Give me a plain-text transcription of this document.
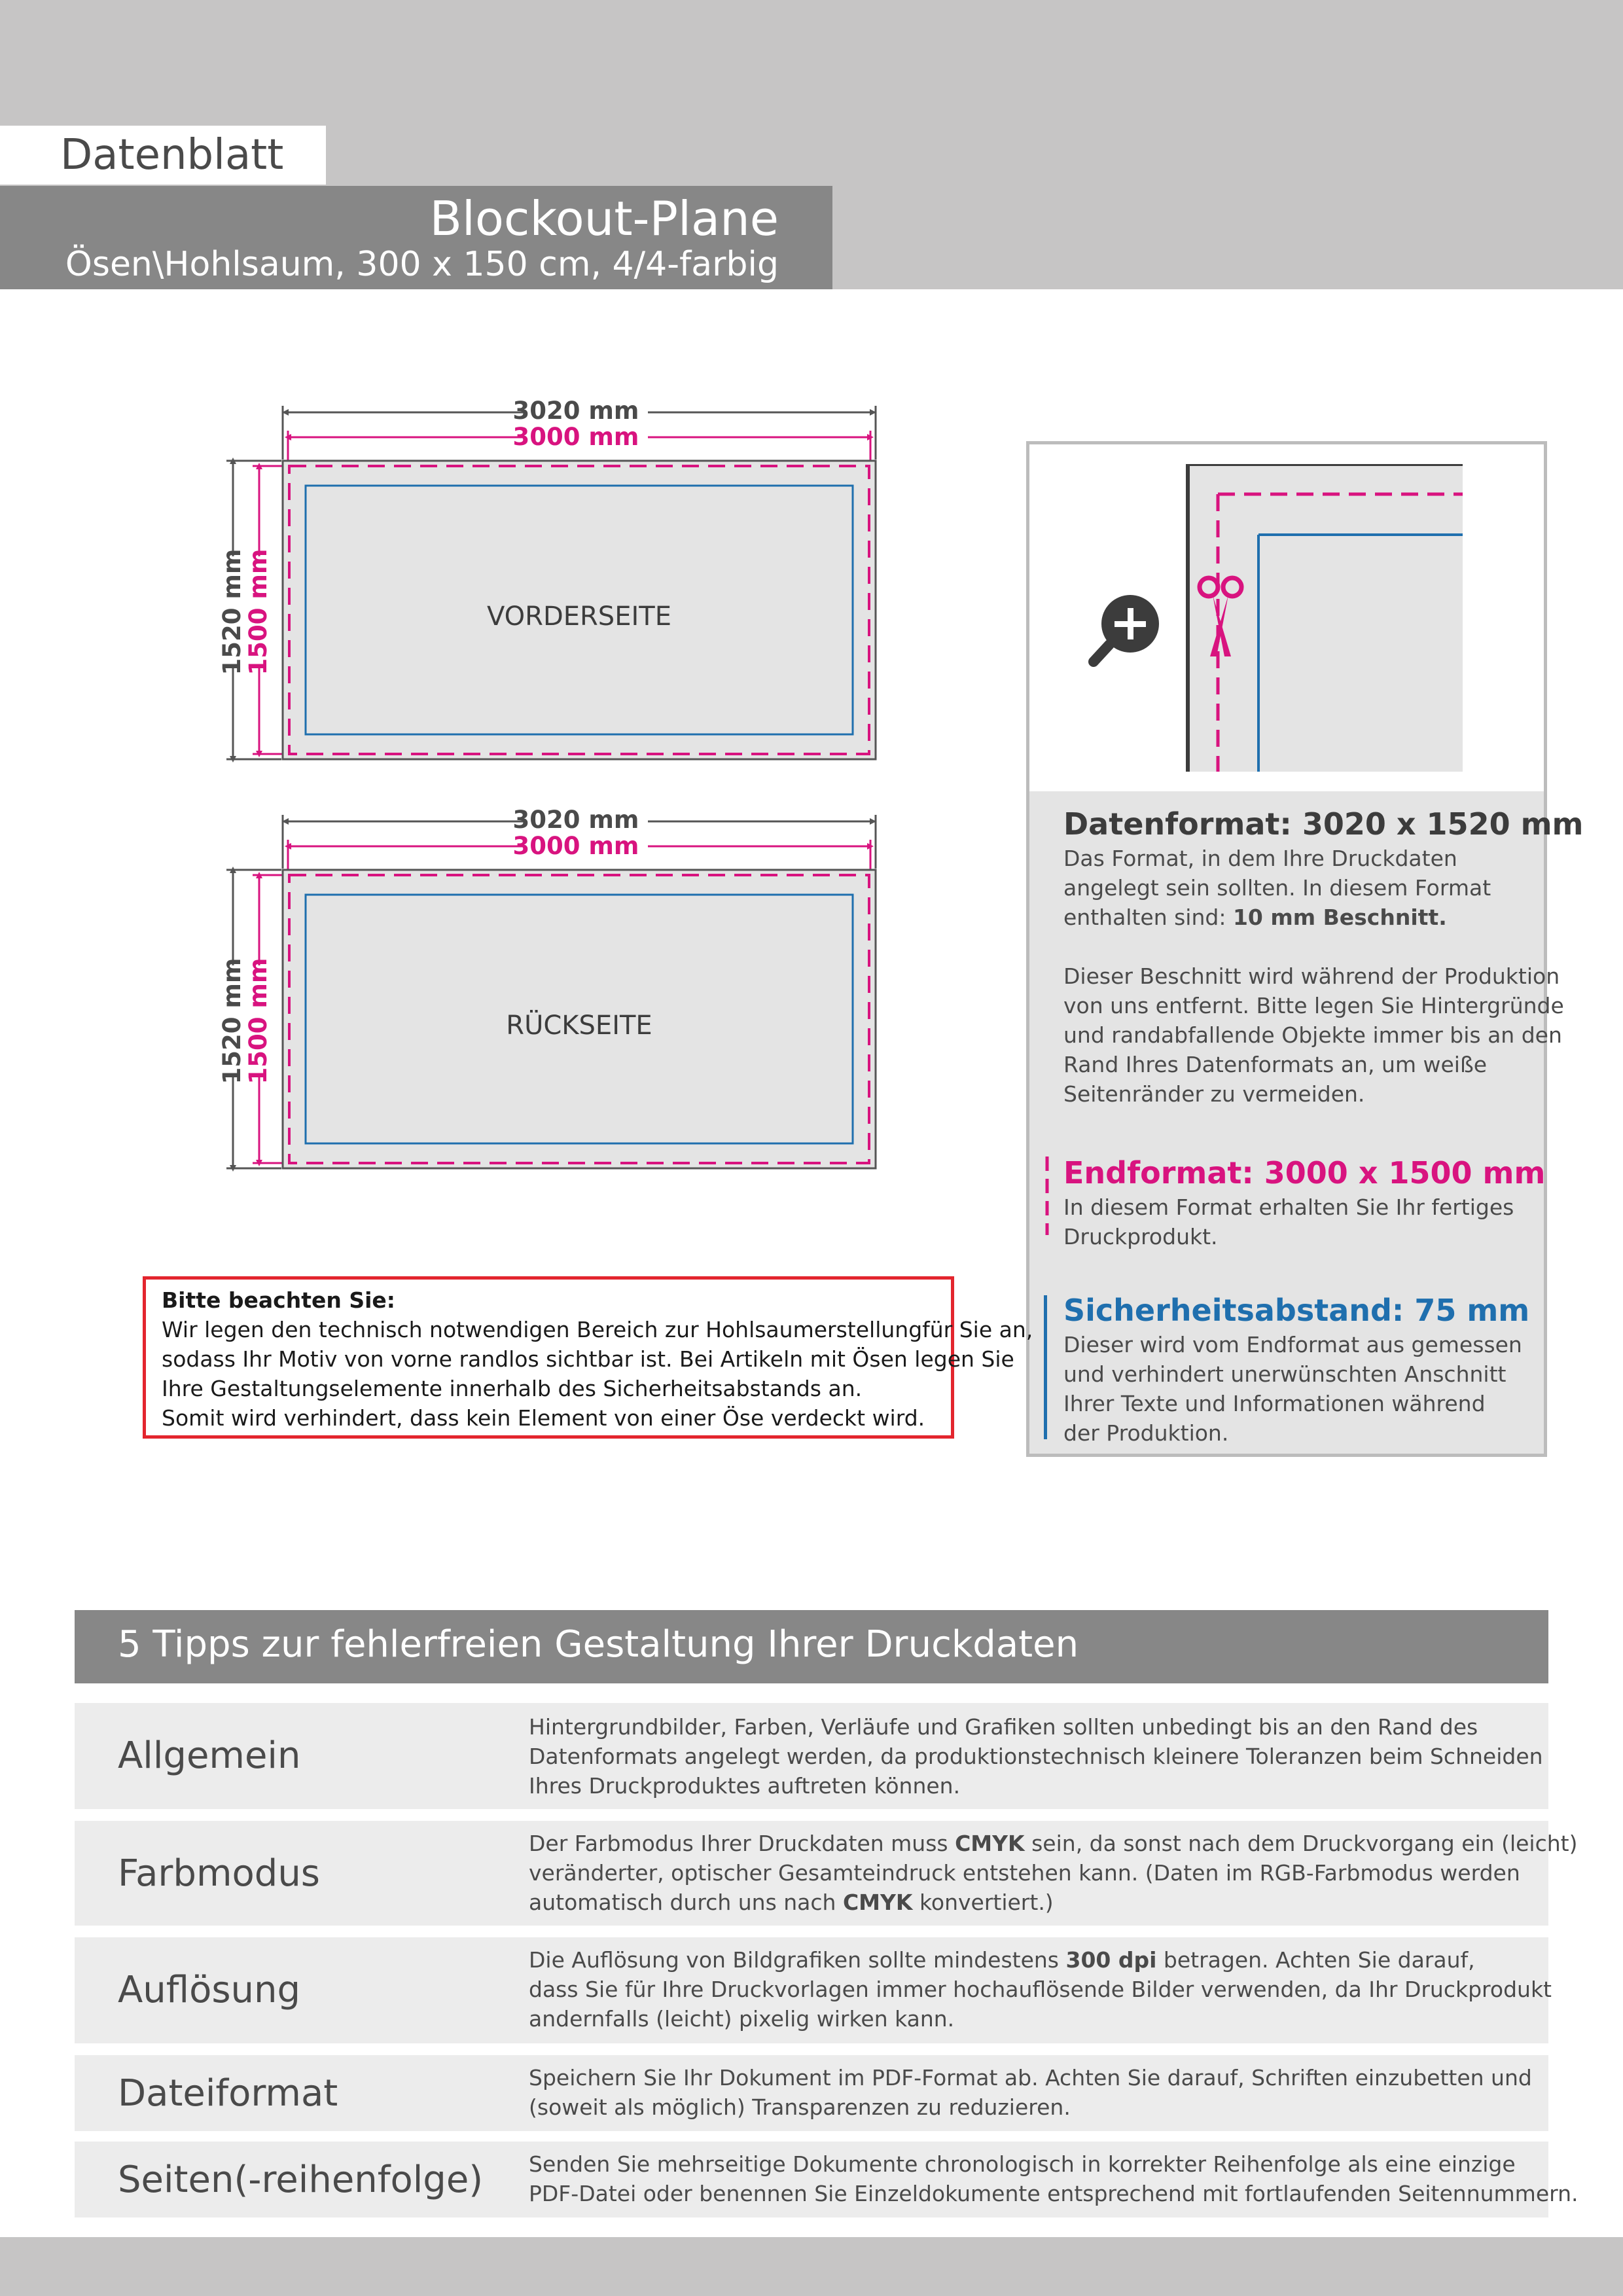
Datenblatt
Blockout-Plane
Ösen\Hohlsaum, 300 x 150 cm, 4/4-farbig
3020 mm
3000 mm
1520 mm
1500 mm	VORDERSEITE
3020 mm
3000 mm
1520 mm
1500 mm	RÜCKSEITE
Datenformat: 3020 x 1520 mm
Das Format, in dem Ihre Druckdaten
angelegt sein sollten. In diesem Format
enthalten sind: 10 mm Beschnitt.
Dieser Beschnitt wird während der Produktion
von uns entfernt. Bitte legen Sie Hintergründe
und randabfallende Objekte immer bis an den
Rand Ihres Datenformats an, um weiße
Seitenränder zu vermeiden.
Endformat: 3000 x 1500 mm
In diesem Format erhalten Sie Ihr fertiges
Druckprodukt.
Sicherheitsabstand: 75 mm
Dieser wird vom Endformat aus gemessen
und verhindert unerwünschten Anschnitt
Ihrer Texte und Informationen während
der Produktion.
Bitte beachten Sie:
Wir legen den technisch notwendigen Bereich zur Hohlsaumerstellungfür Sie an,
sodass Ihr Motiv von vorne randlos sichtbar ist. Bei Artikeln mit Ösen legen Sie
Ihre Gestaltungselemente innerhalb des Sicherheitsabstands an.
Somit wird verhindert, dass kein Element von einer Öse verdeckt wird.
5 Tipps zur fehlerfreien Gestaltung Ihrer Druckdaten
Allgemein
Hintergrundbilder, Farben, Verläufe und Grafiken sollten unbedingt bis an den Rand des
Datenformats angelegt werden, da produktionstechnisch kleinere Toleranzen beim Schneiden
Ihres Druckproduktes auftreten können.
Farbmodus
Der Farbmodus Ihrer Druckdaten muss CMYK sein, da sonst nach dem Druckvorgang ein (leicht)
veränderter, optischer Gesamteindruck entstehen kann. (Daten im RGB-Farbmodus werden
automatisch durch uns nach CMYK konvertiert.)
Auflösung
Die Auflösung von Bildgrafiken sollte mindestens 300 dpi betragen. Achten Sie darauf,
dass Sie für Ihre Druckvorlagen immer hochauflösende Bilder verwenden, da Ihr Druckprodukt
andernfalls (leicht) pixelig wirken kann.
Dateiformat	Speichern Sie Ihr Dokument im PDF-Format ab. Achten Sie darauf, Schriften einzubetten und
(soweit als möglich) Transparenzen zu reduzieren.
Seiten(-reihenfolge) Senden Sie mehrseitige Dokumente chronologisch in korrekter Reihenfolge als eine einzige
PDF-Datei oder benennen Sie Einzeldokumente entsprechend mit fortlaufenden Seitennummern.
